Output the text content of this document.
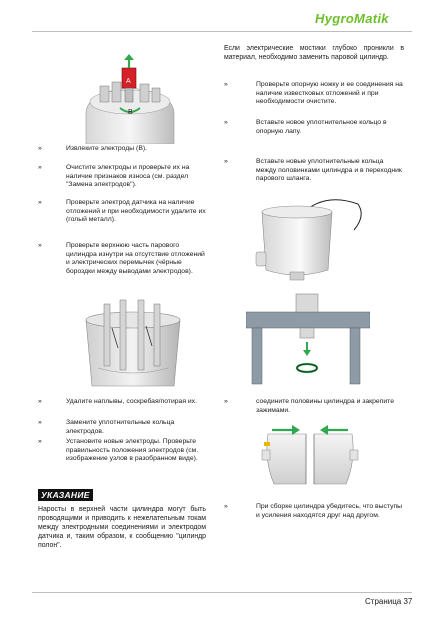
HygroMatik
A
B
»	Извлеките электроды (В).
»	Очистите электроды и проверьте их на наличие признаков износа (см. раздел "Замена электродов").
»	Проверьте электрод датчика на наличие отложений и при необходимости удалите их (голый металл).
»	Проверьте верхнюю часть парового цилиндра изнутри на отсутствие отложений и электрических перемычек (чёрные бороздки между выводами электродов).
»	Удалите наплывы, соскребая/потирая их.
»	Замените уплотнительные кольца электродов.
»	Установите новые электроды. Проверьте правильность положения электродов (см. изображение узлов в разобранном виде).
УКАЗАНИЕ
Наросты в верхней части цилиндра могут быть проводящими и приводить к нежелательным токам между электродными соединениями и электродом датчика и, таким образом, к сообщению "цилиндр полон".
Если электрические мостики глубоко проникли в материал, необходимо заменить паровой цилиндр.
»	Проверьте опорную ножку и ее соединения на наличие известковых отложений и при необходимости очистите.
»	Вставьте новое уплотнительное кольцо в опорную лапу.
»	Вставьте новые уплотнительные кольца между половинками цилиндра и в переходник парового шланга.
»	соедините половины цилиндра и закрепите зажимами.
»	При сборке цилиндра убедитесь, что выступы и усиления находятся друг над другом.
Страница 37
